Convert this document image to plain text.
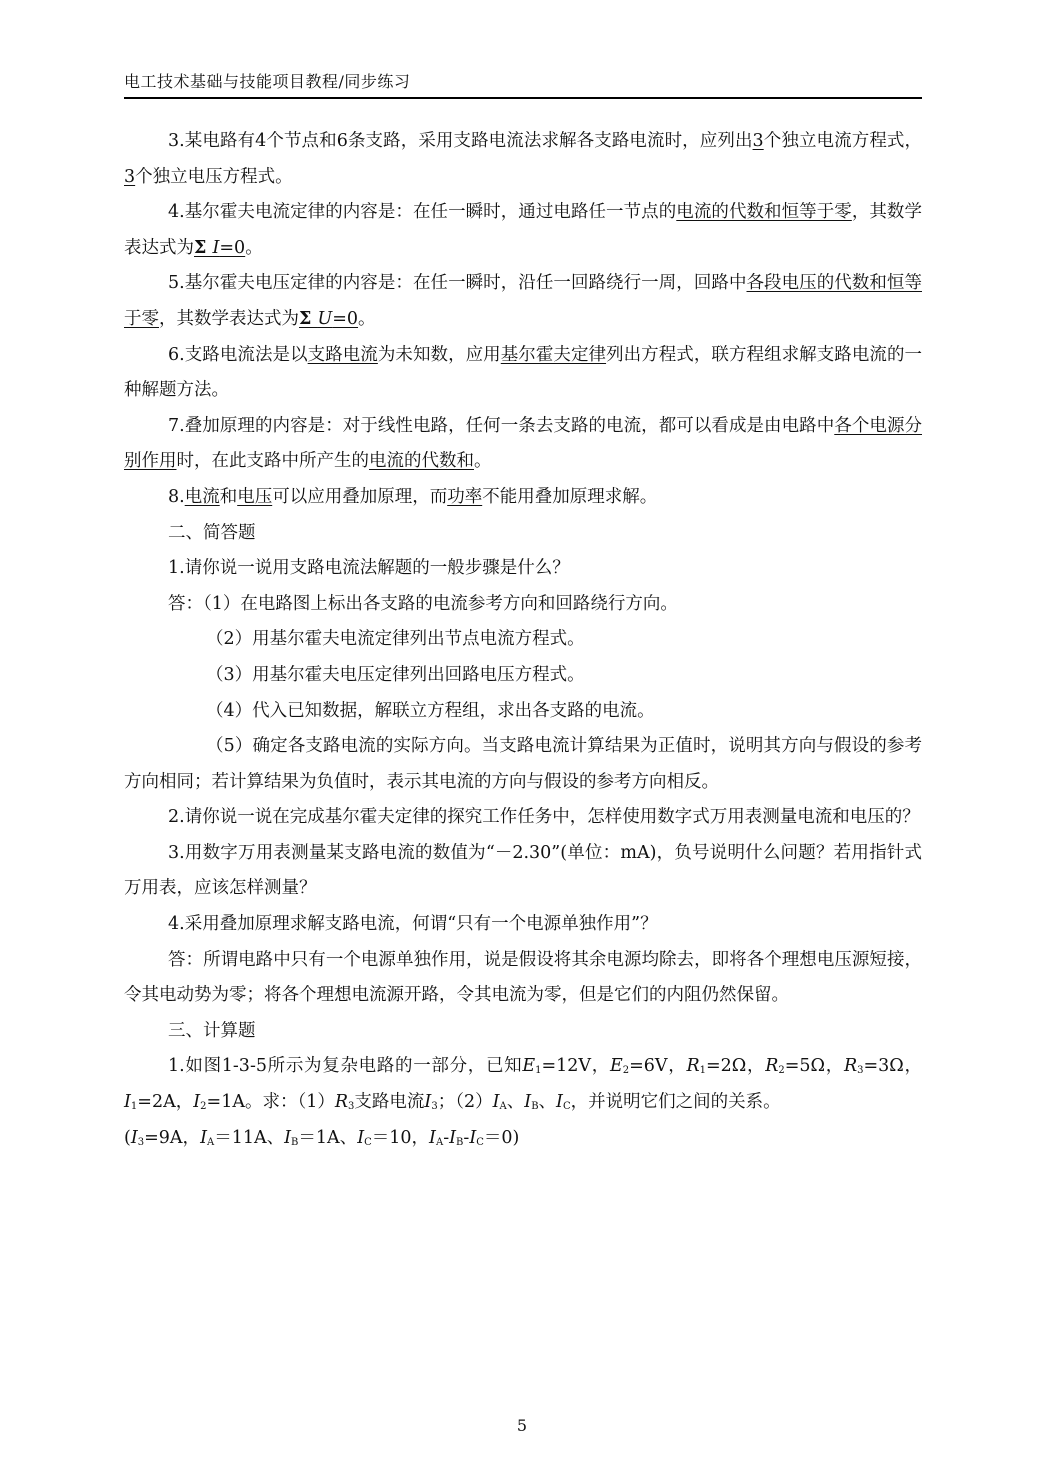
电工技术基础与技能项目教程/同步练习

3.某电路有4个节点和6条支路，采用支路电流法求解各支路电流时，应列出3个独立电流方程式，3个独立电压方程式。

4.基尔霍夫电流定律的内容是：在任一瞬时，通过电路任一节点的电流的代数和恒等于零，其数学表达式为Σ I=0。

5.基尔霍夫电压定律的内容是：在任一瞬时，沿任一回路绕行一周，回路中各段电压的代数和恒等于零，其数学表达式为Σ U=0。

6.支路电流法是以支路电流为未知数，应用基尔霍夫定律列出方程式，联方程组求解支路电流的一种解题方法。

7.叠加原理的内容是：对于线性电路，任何一条去支路的电流，都可以看成是由电路中各个电源分别作用时，在此支路中所产生的电流的代数和。

8.电流和电压可以应用叠加原理，而功率不能用叠加原理求解。

二、简答题

1.请你说一说用支路电流法解题的一般步骤是什么？

答：（1）在电路图上标出各支路的电流参考方向和回路绕行方向。

（2）用基尔霍夫电流定律列出节点电流方程式。

（3）用基尔霍夫电压定律列出回路电压方程式。

（4）代入已知数据，解联立方程组，求出各支路的电流。

（5）确定各支路电流的实际方向。当支路电流计算结果为正值时，说明其方向与假设的参考方向相同；若计算结果为负值时，表示其电流的方向与假设的参考方向相反。

2.请你说一说在完成基尔霍夫定律的探究工作任务中，怎样使用数字式万用表测量电流和电压的？

3.用数字万用表测量某支路电流的数值为“－2.30”(单位：mA)，负号说明什么问题？若用指针式万用表，应该怎样测量？

4.采用叠加原理求解支路电流，何谓“只有一个电源单独作用”？

答：所谓电路中只有一个电源单独作用，说是假设将其余电源均除去，即将各个理想电压源短接，令其电动势为零；将各个理想电流源开路，令其电流为零，但是它们的内阻仍然保留。

三、计算题

1.如图1-3-5所示为复杂电路的一部分，已知$E_1=12V$，$E_2=6V$，$R_1=2\Omega$，$R_2=5\Omega$，$R_3=3\Omega$，$I_1=2A$，$I_2=1A$。求：$(1)R_3$支路电流$I_3$；$(2)I_A$、$I_B$、$I_C$，并说明它们之间的关系。

($I_3=9A$，$I_A=11A$、$I_B=1A$、$I_C=10$，$I_A-I_B-I_C=0$)

5
